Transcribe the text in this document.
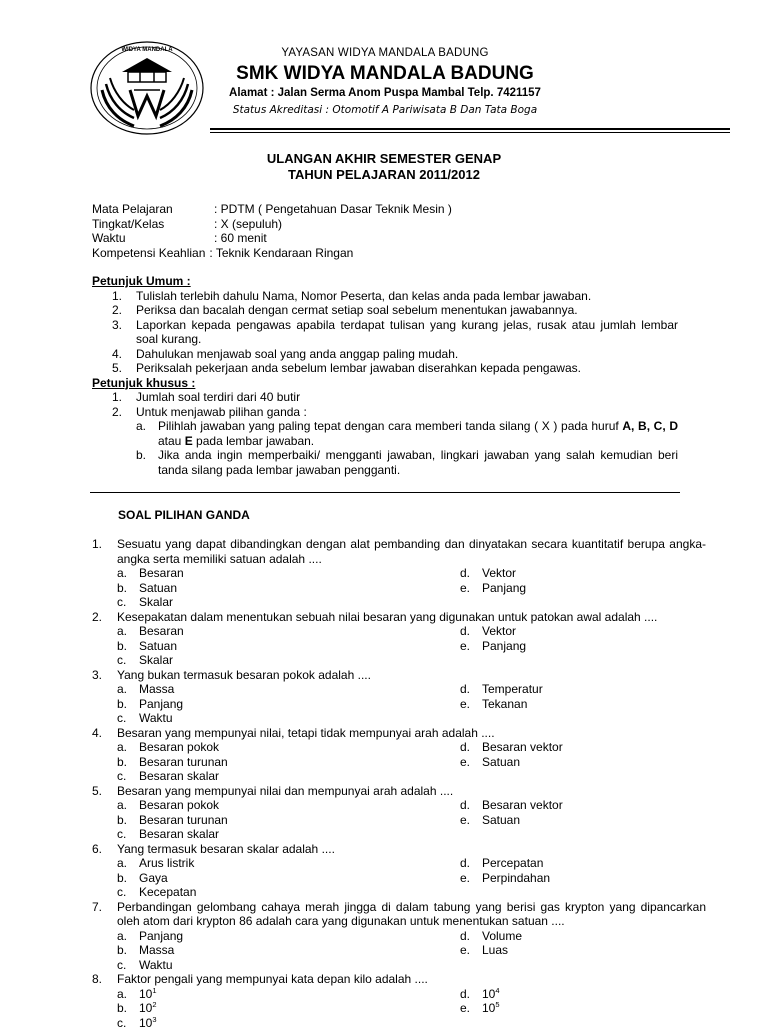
WIDYA MANDALA	YAYASAN WIDYA MANDALA BADUNG
SMK WIDYA MANDALA BADUNG
Alamat : Jalan Serma Anom Puspa Mambal Telp. 7421157
Status Akreditasi : Otomotif A Pariwisata B Dan Tata Boga
ULANGAN AKHIR SEMESTER GENAP
TAHUN PELAJARAN 2011/2012
Mata Pelajaran	: PDTM ( Pengetahuan Dasar Teknik Mesin )
Tingkat/Kelas	: X (sepuluh)
Waktu	: 60 menit
Kompetensi Keahlian : Teknik Kendaraan Ringan
Petunjuk Umum :
1. Tulislah terlebih dahulu Nama, Nomor Peserta, dan kelas anda pada lembar jawaban.
2. Periksa dan bacalah dengan cermat setiap soal sebelum menentukan jawabannya.
3. Laporkan kepada pengawas apabila terdapat tulisan yang kurang jelas, rusak atau jumlah lembar soal kurang.
4. Dahulukan menjawab soal yang anda anggap paling mudah.
5. Periksalah pekerjaan anda sebelum lembar jawaban diserahkan kepada pengawas.
Petunjuk khusus :
1. Jumlah soal terdiri dari 40 butir
2. Untuk menjawab pilihan ganda :
a. Pilihlah jawaban yang paling tepat dengan cara memberi tanda silang ( X ) pada huruf A, B, C, D atau E pada lembar jawaban.
b. Jika anda ingin memperbaiki/ mengganti jawaban, lingkari jawaban yang salah kemudian beri tanda silang pada lembar jawaban pengganti.
SOAL PILIHAN GANDA
1. Sesuatu yang dapat dibandingkan dengan alat pembanding dan dinyatakan secara kuantitatif berupa angka-angka serta memiliki satuan adalah ....
a. Besaran	d. Vektor
b. Satuan	e. Panjang
c. Skalar
2. Kesepakatan dalam menentukan sebuah nilai besaran yang digunakan untuk patokan awal adalah ....
a. Besaran	d. Vektor
b. Satuan	e. Panjang
c. Skalar
3. Yang bukan termasuk besaran pokok adalah ....
a. Massa	d. Temperatur
b. Panjang	e. Tekanan
c. Waktu
4. Besaran yang mempunyai nilai, tetapi tidak mempunyai arah adalah ....
a. Besaran pokok	d. Besaran vektor
b. Besaran turunan	e. Satuan
c. Besaran skalar
5. Besaran yang mempunyai nilai dan mempunyai arah adalah ....
a. Besaran pokok	d. Besaran vektor
b. Besaran turunan	e. Satuan
c. Besaran skalar
6. Yang termasuk besaran skalar adalah ....
a. Arus listrik	d. Percepatan
b. Gaya	e. Perpindahan
c. Kecepatan
7. Perbandingan gelombang cahaya merah jingga di dalam tabung yang berisi gas krypton yang dipancarkan oleh atom dari krypton 86 adalah cara yang digunakan untuk menentukan satuan ....
a. Panjang	d. Volume
b. Massa	e. Luas
c. Waktu
8. Faktor pengali yang mempunyai kata depan kilo adalah ....
a. $10^1$	d. $10^4$
b. $10^2$	e. $10^5$
c. $10^3$
